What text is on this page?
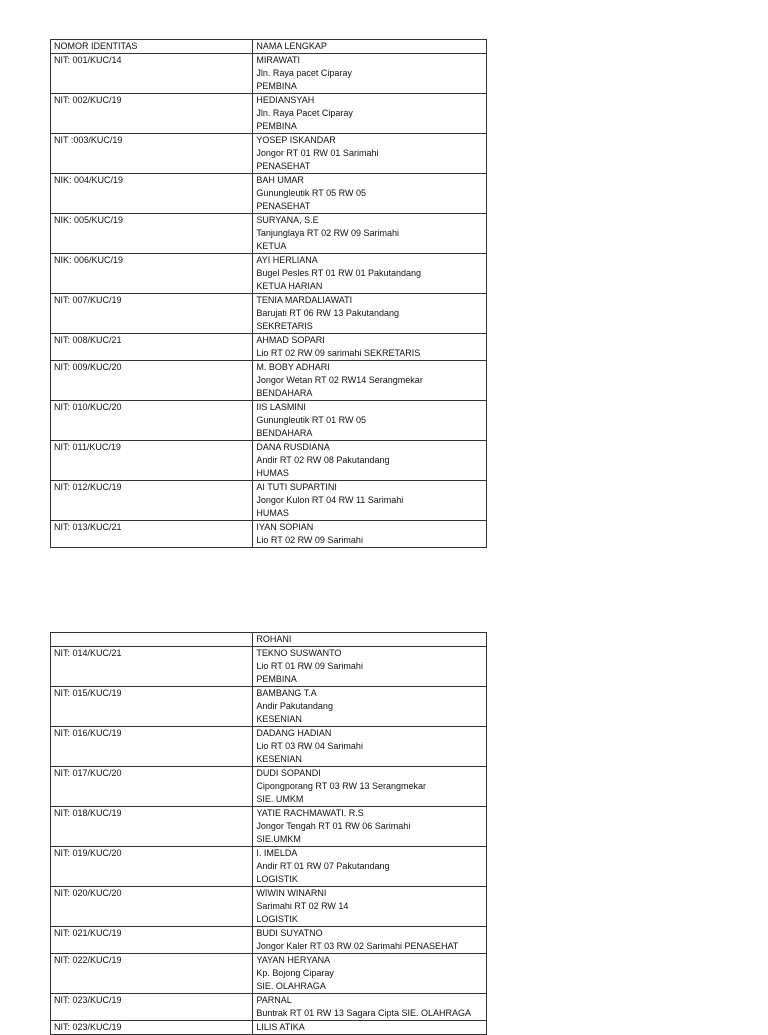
NOMOR IDENTITAS	NAMA LENGKAP
NIT: 001/KUC/14	MIRAWATI
Jln. Raya pacet Ciparay
PEMBINA

NIT: 002/KUC/19	HEDIANSYAH
Jln. Raya Pacet Ciparay
PEMBINA

NIT :003/KUC/19	YOSEP ISKANDAR
Jongor RT 01 RW 01 Sarimahi
PENASEHAT

NIK: 004/KUC/19	BAH UMAR
Gunungleutik RT 05 RW 05
PENASEHAT

NIK: 005/KUC/19	SURYANA, S.E
Tanjunglaya RT 02 RW 09 Sarimahi
KETUA

NIK: 006/KUC/19	AYI HERLIANA
Bugel Pesles RT 01 RW 01 Pakutandang
KETUA HARIAN

NIT: 007/KUC/19	TENIA MARDALIAWATI
Barujati RT 06 RW 13 Pakutandang
SEKRETARIS

NIT: 008/KUC/21	AHMAD SOPARI
Lio RT 02 RW 09 sarimahi SEKRETARIS

NIT: 009/KUC/20	M. BOBY ADHARI
Jongor Wetan RT 02 RW14 Serangmekar
BENDAHARA

NIT: 010/KUC/20	IIS LASMINI
Gunungleutik RT 01 RW 05
BENDAHARA

NIT: 011/KUC/19	DANA RUSDIANA
Andir RT 02 RW 08 Pakutandang
HUMAS

NIT: 012/KUC/19	AI TUTI SUPARTINI
Jongor Kulon RT 04 RW 11 Sarimahi
HUMAS

NIT: 013/KUC/21	IYAN SOPIAN
Lio RT 02 RW 09 Sarimahi
	ROHANI
NIT: 014/KUC/21	TEKNO SUSWANTO
Lio RT 01 RW 09 Sarimahi
PEMBINA

NIT: 015/KUC/19	BAMBANG T.A
Andir Pakutandang
KESENIAN

NIT: 016/KUC/19	DADANG HADIAN
Lio RT 03 RW 04 Sarimahi
KESENIAN

NIT: 017/KUC/20	DUDI SOPANDI
Cipongporang RT 03 RW 13 Serangmekar
SIE. UMKM

NIT: 018/KUC/19	YATIE RACHMAWATI. R.S
Jongor Tengah RT 01 RW 06 Sarimahi
SIE.UMKM

NIT: 019/KUC/20	I. IMELDA
Andir RT 01 RW 07 Pakutandang
LOGISTIK

NIT: 020/KUC/20	WIWIN WINARNI
Sarimahi RT 02 RW 14
LOGISTIK

NIT: 021/KUC/19	BUDI SUYATNO
Jongor Kaler RT 03 RW 02 Sarimahi PENASEHAT

NIT: 022/KUC/19	YAYAN HERYANA
Kp. Bojong Ciparay
SIE. OLAHRAGA

NIT: 023/KUC/19	PARNAL
Buntrak RT 01 RW 13 Sagara Cipta SIE. OLAHRAGA

NIT: 023/KUC/19	LILIS ATIKA
